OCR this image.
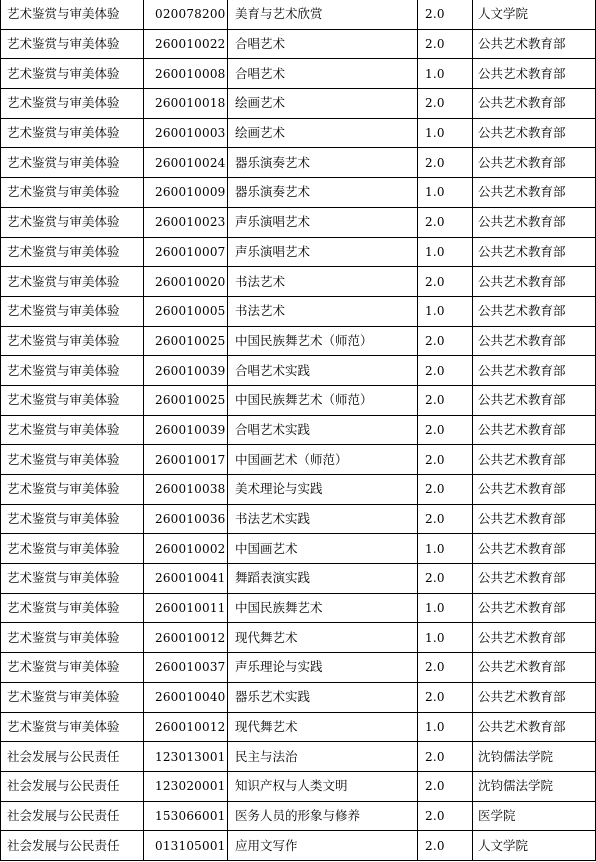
艺术鉴赏与审美体验	020078200	美育与艺术欣赏	2.0	人文学院
艺术鉴赏与审美体验	260010022	合唱艺术	2.0	公共艺术教育部
艺术鉴赏与审美体验	260010008	合唱艺术	1.0	公共艺术教育部
艺术鉴赏与审美体验	260010018	绘画艺术	2.0	公共艺术教育部
艺术鉴赏与审美体验	260010003	绘画艺术	1.0	公共艺术教育部
艺术鉴赏与审美体验	260010024	器乐演奏艺术	2.0	公共艺术教育部
艺术鉴赏与审美体验	260010009	器乐演奏艺术	1.0	公共艺术教育部
艺术鉴赏与审美体验	260010023	声乐演唱艺术	2.0	公共艺术教育部
艺术鉴赏与审美体验	260010007	声乐演唱艺术	1.0	公共艺术教育部
艺术鉴赏与审美体验	260010020	书法艺术	2.0	公共艺术教育部
艺术鉴赏与审美体验	260010005	书法艺术	1.0	公共艺术教育部
艺术鉴赏与审美体验	260010025	中国民族舞艺术（师范）	2.0	公共艺术教育部
艺术鉴赏与审美体验	260010039	合唱艺术实践	2.0	公共艺术教育部
艺术鉴赏与审美体验	260010025	中国民族舞艺术（师范）	2.0	公共艺术教育部
艺术鉴赏与审美体验	260010039	合唱艺术实践	2.0	公共艺术教育部
艺术鉴赏与审美体验	260010017	中国画艺术（师范）	2.0	公共艺术教育部
艺术鉴赏与审美体验	260010038	美术理论与实践	2.0	公共艺术教育部
艺术鉴赏与审美体验	260010036	书法艺术实践	2.0	公共艺术教育部
艺术鉴赏与审美体验	260010002	中国画艺术	1.0	公共艺术教育部
艺术鉴赏与审美体验	260010041	舞蹈表演实践	2.0	公共艺术教育部
艺术鉴赏与审美体验	260010011	中国民族舞艺术	1.0	公共艺术教育部
艺术鉴赏与审美体验	260010012	现代舞艺术	1.0	公共艺术教育部
艺术鉴赏与审美体验	260010037	声乐理论与实践	2.0	公共艺术教育部
艺术鉴赏与审美体验	260010040	器乐艺术实践	2.0	公共艺术教育部
艺术鉴赏与审美体验	260010012	现代舞艺术	1.0	公共艺术教育部
社会发展与公民责任	123013001	民主与法治	2.0	沈钧儒法学院
社会发展与公民责任	123020001	知识产权与人类文明	2.0	沈钧儒法学院
社会发展与公民责任	153066001	医务人员的形象与修养	2.0	医学院
社会发展与公民责任	013105001	应用文写作	2.0	人文学院
